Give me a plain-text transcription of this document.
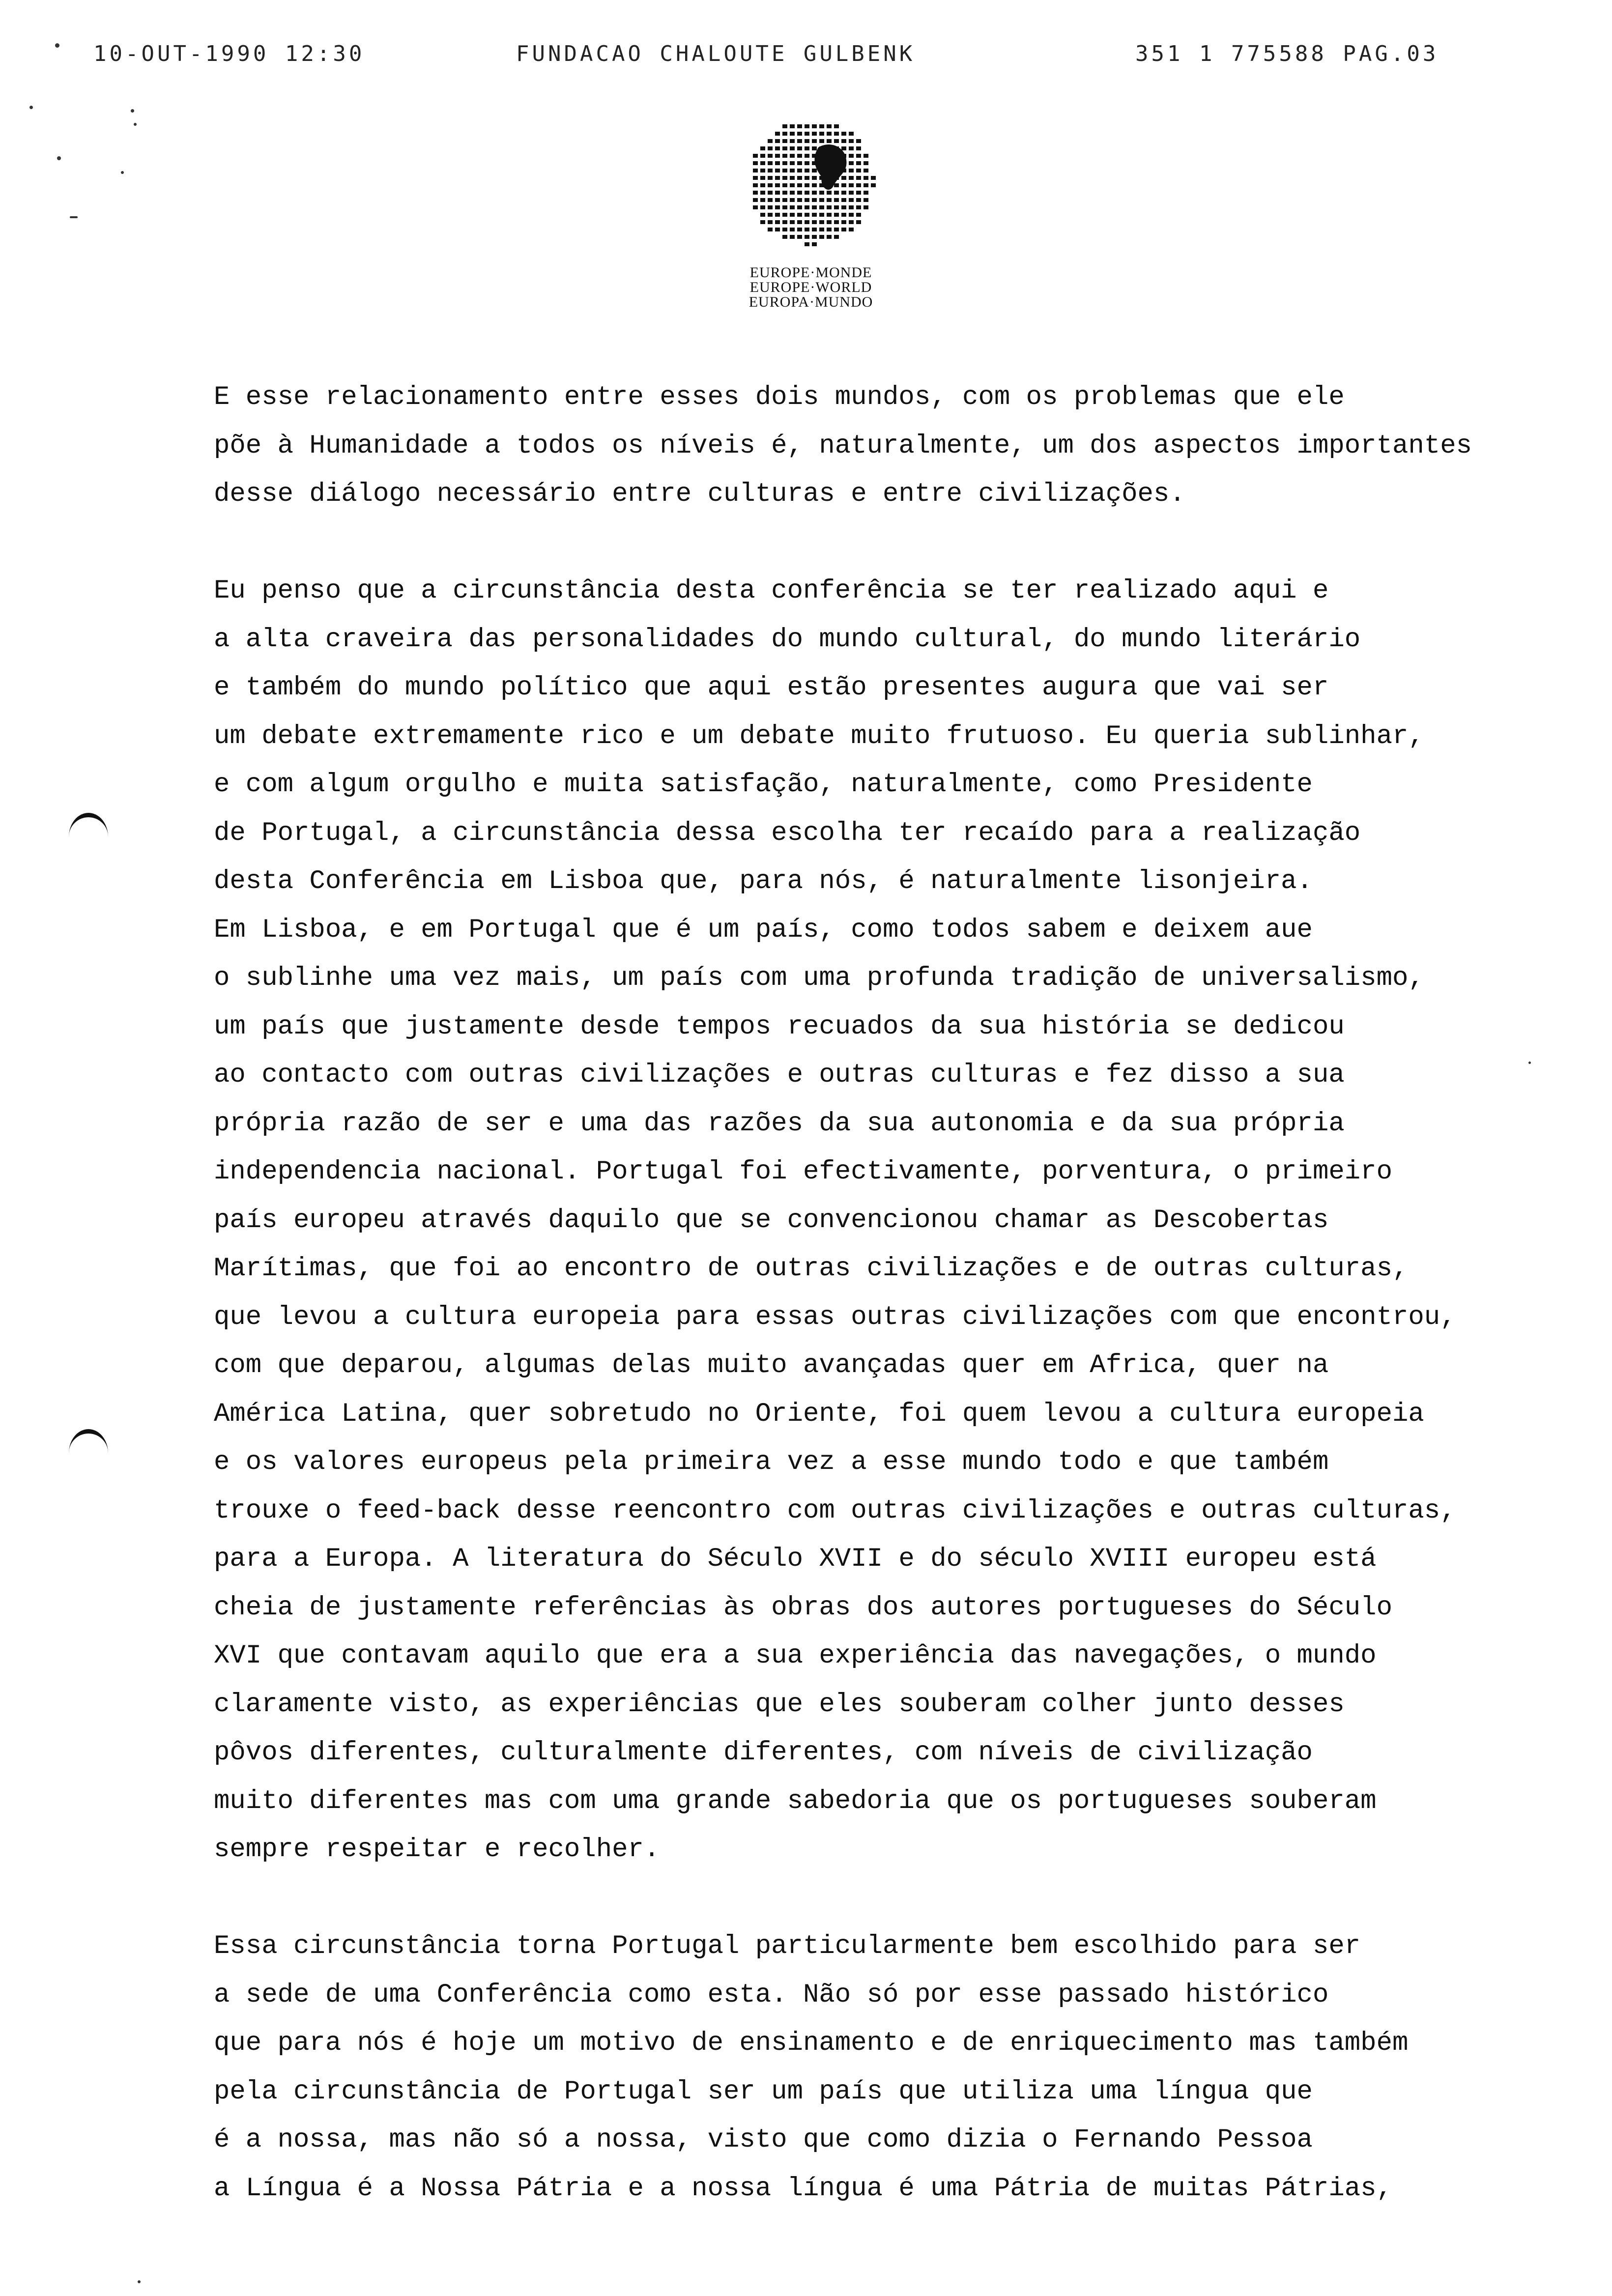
10-OUT-1990 12:30	FUNDACAO CHALOUTE GULBENK	351 1 775588 PAG.03
EUROPE·MONDE
EUROPE·WORLD
EUROPA·MUNDO
E esse relacionamento entre esses dois mundos, com os problemas que ele
põe à Humanidade a todos os níveis é, naturalmente, um dos aspectos importantes
desse diálogo necessário entre culturas e entre civilizações.
Eu penso que a circunstância desta conferência se ter realizado aqui e
a alta craveira das personalidades do mundo cultural, do mundo literário
e também do mundo político que aqui estão presentes augura que vai ser
um debate extremamente rico e um debate muito frutuoso. Eu queria sublinhar,
e com algum orgulho e muita satisfação, naturalmente, como Presidente
de Portugal, a circunstância dessa escolha ter recaído para a realização
desta Conferência em Lisboa que, para nós, é naturalmente lisonjeira.
Em Lisboa, e em Portugal que é um país, como todos sabem e deixem aue
o sublinhe uma vez mais, um país com uma profunda tradição de universalismo,
um país que justamente desde tempos recuados da sua história se dedicou
ao contacto com outras civilizações e outras culturas e fez disso a sua
própria razão de ser e uma das razões da sua autonomia e da sua própria
independencia nacional. Portugal foi efectivamente, porventura, o primeiro
país europeu através daquilo que se convencionou chamar as Descobertas
Marítimas, que foi ao encontro de outras civilizações e de outras culturas,
que levou a cultura europeia para essas outras civilizações com que encontrou,
com que deparou, algumas delas muito avançadas quer em Africa, quer na
América Latina, quer sobretudo no Oriente, foi quem levou a cultura europeia
e os valores europeus pela primeira vez a esse mundo todo e que também
trouxe o feed-back desse reencontro com outras civilizações e outras culturas,
para a Europa. A literatura do Século XVII e do século XVIII europeu está
cheia de justamente referências às obras dos autores portugueses do Século
XVI que contavam aquilo que era a sua experiência das navegações, o mundo
claramente visto, as experiências que eles souberam colher junto desses
pôvos diferentes, culturalmente diferentes, com níveis de civilização
muito diferentes mas com uma grande sabedoria que os portugueses souberam
sempre respeitar e recolher.
Essa circunstância torna Portugal particularmente bem escolhido para ser
a sede de uma Conferência como esta. Não só por esse passado histórico
que para nós é hoje um motivo de ensinamento e de enriquecimento mas também
pela circunstância de Portugal ser um país que utiliza uma língua que
é a nossa, mas não só a nossa, visto que como dizia o Fernando Pessoa
a Língua é a Nossa Pátria e a nossa língua é uma Pátria de muitas Pátrias,
